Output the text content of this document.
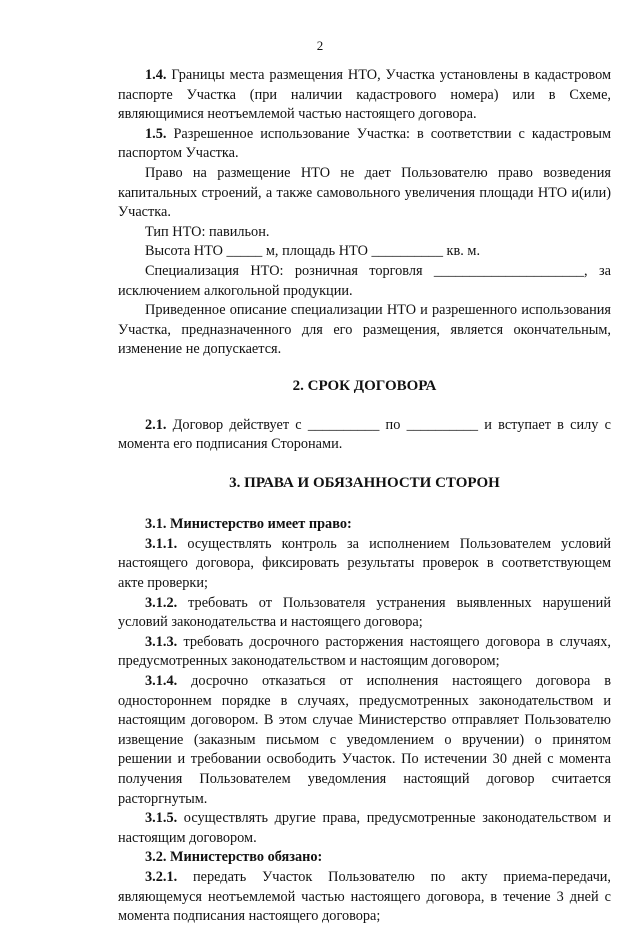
2

1.4. Границы места размещения НТО, Участка установлены в кадастровом паспорте Участка (при наличии кадастрового номера) или в Схеме, являющимися неотъемлемой частью настоящего договора.

1.5. Разрешенное использование Участка: в соответствии с кадастровым паспортом Участка.

Право на размещение НТО не дает Пользователю право возведения капитальных строений, а также самовольного увеличения площади НТО и(или) Участка.

Тип НТО: павильон.

Высота НТО _____ м, площадь НТО __________ кв. м.

Специализация НТО: розничная торговля _____________________, за исключением алкогольной продукции.

Приведенное описание специализации НТО и разрешенного использования Участка, предназначенного для его размещения, является окончательным, изменение не допускается.

2. СРОК ДОГОВОРА

2.1. Договор действует с __________ по __________ и вступает в силу с момента его подписания Сторонами.

3. ПРАВА И ОБЯЗАННОСТИ СТОРОН

3.1. Министерство имеет право:

3.1.1. осуществлять контроль за исполнением Пользователем условий настоящего договора, фиксировать результаты проверок в соответствующем акте проверки;

3.1.2. требовать от Пользователя устранения выявленных нарушений условий законодательства и настоящего договора;

3.1.3. требовать досрочного расторжения настоящего договора в случаях, предусмотренных законодательством и настоящим договором;

3.1.4. досрочно отказаться от исполнения настоящего договора в одностороннем порядке в случаях, предусмотренных законодательством и настоящим договором. В этом случае Министерство отправляет Пользователю извещение (заказным письмом с уведомлением о вручении) о принятом решении и требовании освободить Участок. По истечении 30 дней с момента получения Пользователем уведомления настоящий договор считается расторгнутым.

3.1.5. осуществлять другие права, предусмотренные законодательством и настоящим договором.

3.2. Министерство обязано:

3.2.1. передать Участок Пользователю по акту приема-передачи, являющемуся неотъемлемой частью настоящего договора, в течение 3 дней с момента подписания настоящего договора;
